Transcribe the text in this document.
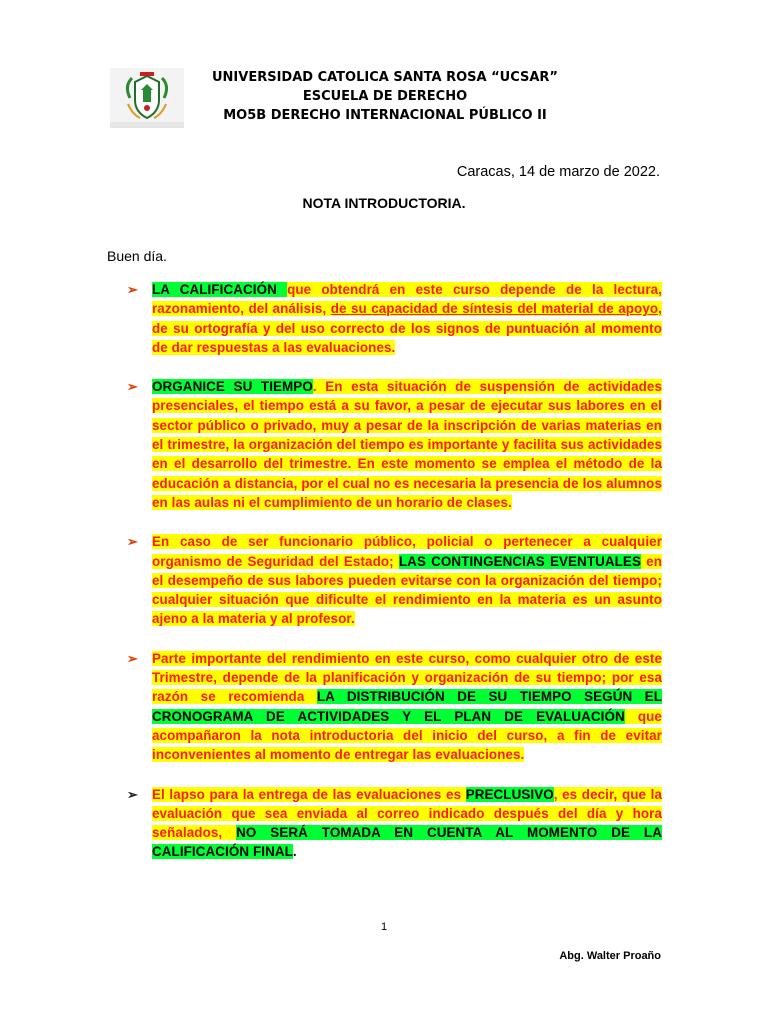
UNIVERSIDAD CATOLICA SANTA ROSA “UCSAR”
ESCUELA DE DERECHO
MO5B DERECHO INTERNACIONAL PÚBLICO II
Caracas, 14 de marzo de 2022.
NOTA INTRODUCTORIA.
Buen día.
➢ LA CALIFICACIÓN que obtendrá en este curso depende de la lectura, razonamiento, del análisis, de su capacidad de síntesis del material de apoyo, de su ortografía y del uso correcto de los signos de puntuación al momento de dar respuestas a las evaluaciones.
➢ ORGANICE SU TIEMPO. En esta situación de suspensión de actividades presenciales, el tiempo está a su favor, a pesar de ejecutar sus labores en el sector público o privado, muy a pesar de la inscripción de varias materias en el trimestre, la organización del tiempo es importante y facilita sus actividades en el desarrollo del trimestre. En este momento se emplea el método de la educación a distancia, por el cual no es necesaria la presencia de los alumnos en las aulas ni el cumplimiento de un horario de clases.
➢ En caso de ser funcionario público, policial o pertenecer a cualquier organismo de Seguridad del Estado; LAS CONTINGENCIAS EVENTUALES en el desempeño de sus labores pueden evitarse con la organización del tiempo; cualquier situación que dificulte el rendimiento en la materia es un asunto ajeno a la materia y al profesor.
➢ Parte importante del rendimiento en este curso, como cualquier otro de este Trimestre, depende de la planificación y organización de su tiempo; por esa razón se recomienda LA DISTRIBUCIÓN DE SU TIEMPO SEGÚN EL CRONOGRAMA DE ACTIVIDADES Y EL PLAN DE EVALUACIÓN que acompañaron la nota introductoria del inicio del curso, a fin de evitar inconvenientes al momento de entregar las evaluaciones.
➢ El lapso para la entrega de las evaluaciones es PRECLUSIVO, es decir, que la evaluación que sea enviada al correo indicado después del día y hora señalados, NO SERÁ TOMADA EN CUENTA AL MOMENTO DE LA CALIFICACIÓN FINAL.
1
Abg. Walter Proaño
